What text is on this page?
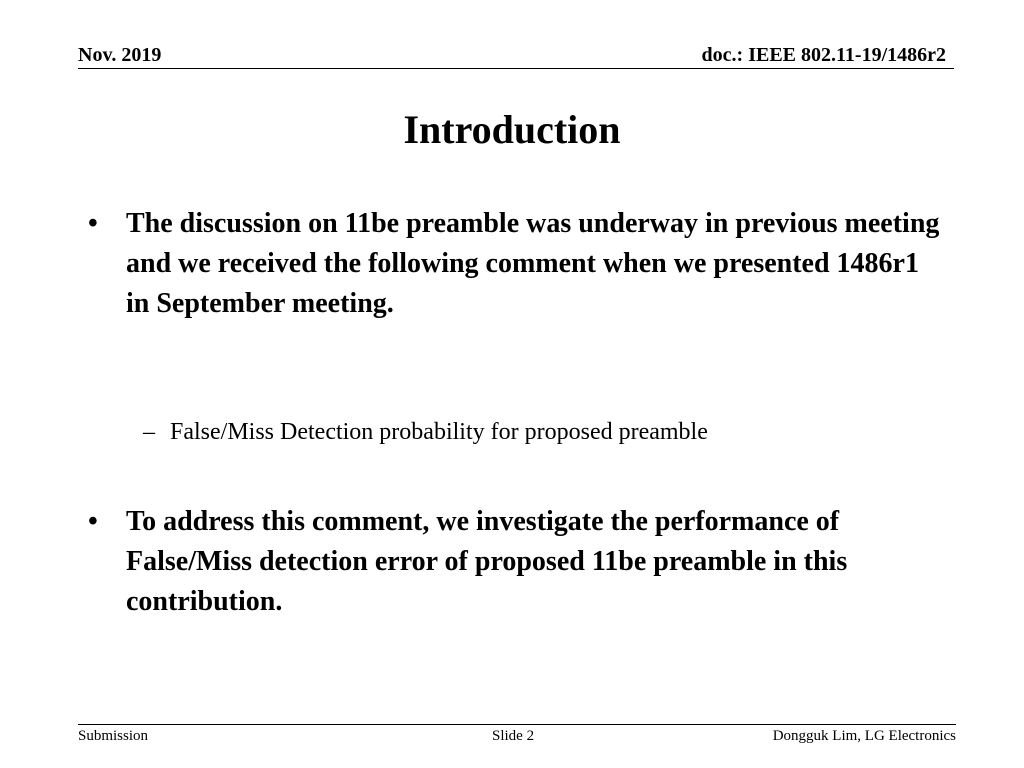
Nov. 2019	doc.: IEEE 802.11-19/1486r2
Introduction
• The discussion on 11be preamble was underway in previous meeting and we received the following comment when we presented 1486r1 in September meeting.
– False/Miss Detection probability for proposed preamble
• To address this comment, we investigate the performance of False/Miss detection error of proposed 11be preamble in this contribution.
Submission	Slide 2	Dongguk Lim, LG Electronics
